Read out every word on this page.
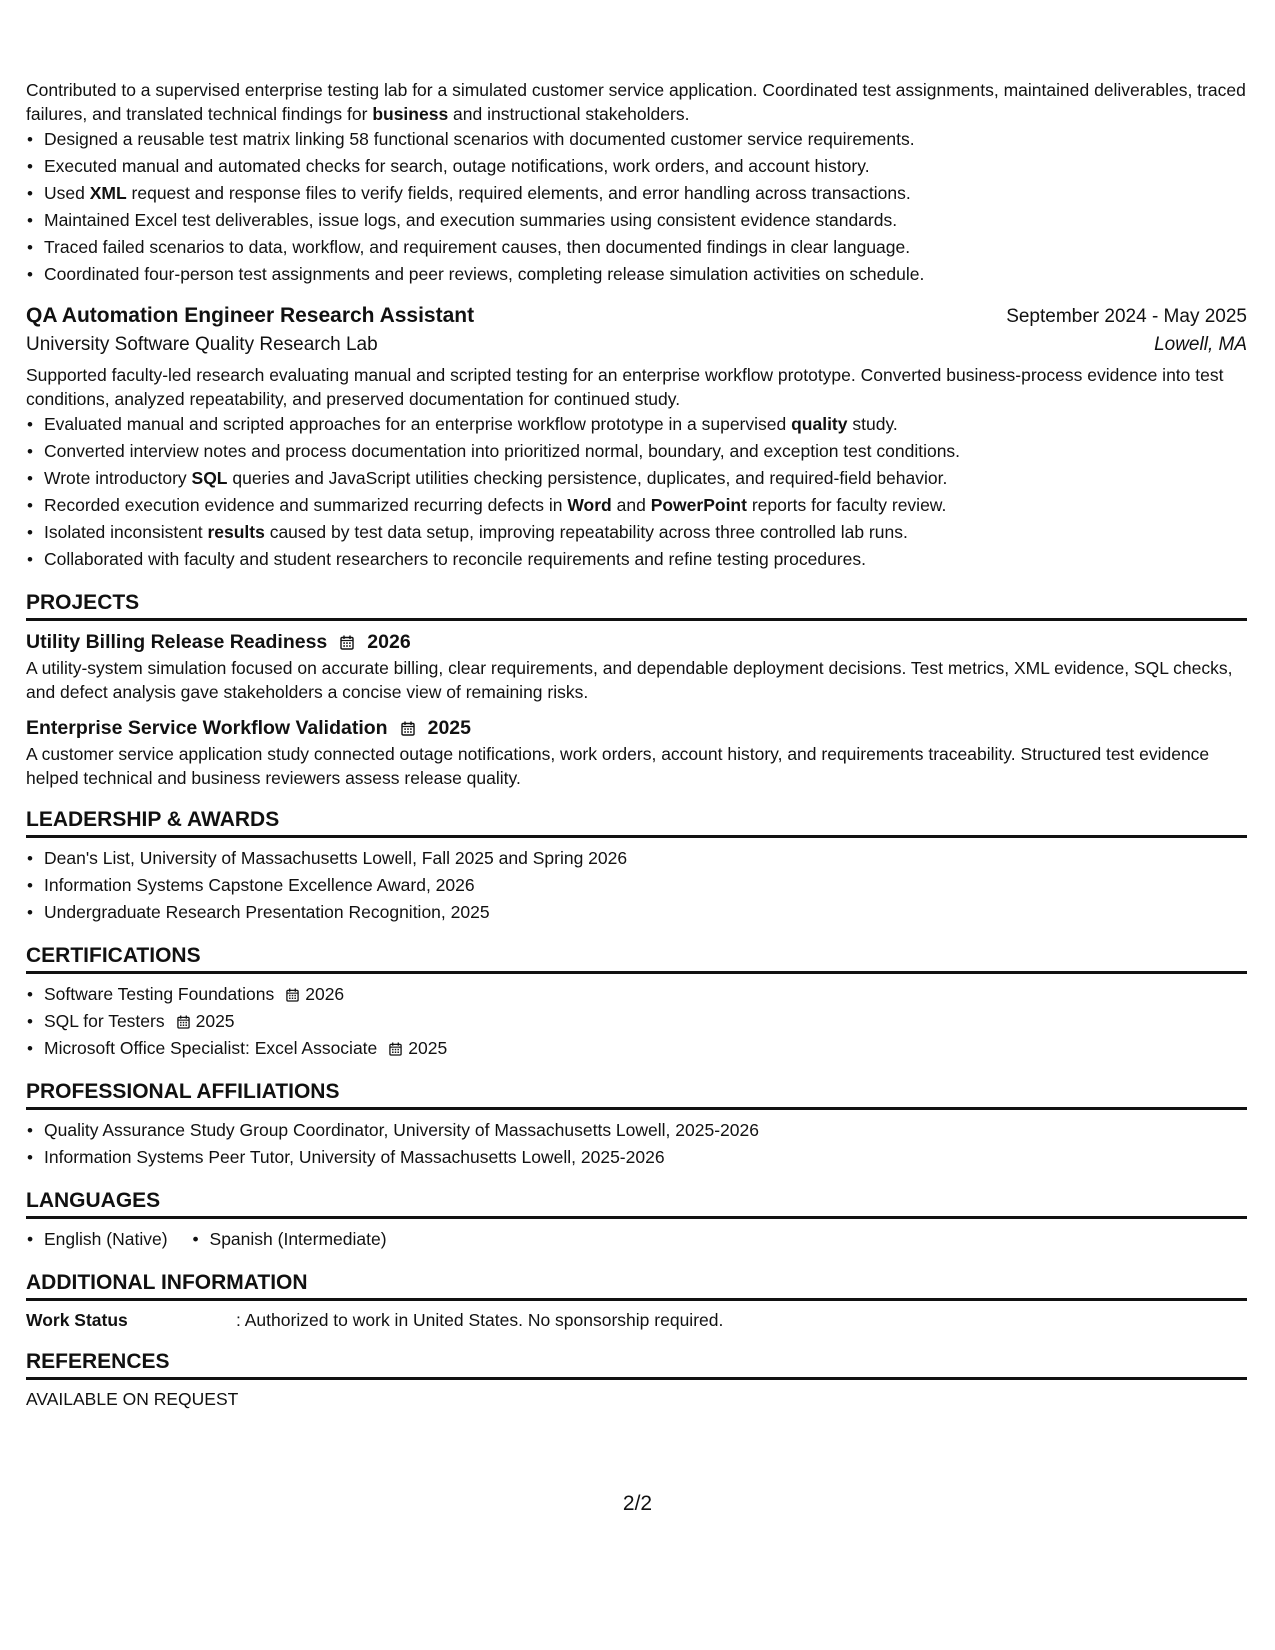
Contributed to a supervised enterprise testing lab for a simulated customer service application. Coordinated test assignments, maintained deliverables, traced failures, and translated technical findings for business and instructional stakeholders.

• Designed a reusable test matrix linking 58 functional scenarios with documented customer service requirements.
• Executed manual and automated checks for search, outage notifications, work orders, and account history.
• Used XML request and response files to verify fields, required elements, and error handling across transactions.
• Maintained Excel test deliverables, issue logs, and execution summaries using consistent evidence standards.
• Traced failed scenarios to data, workflow, and requirement causes, then documented findings in clear language.
• Coordinated four-person test assignments and peer reviews, completing release simulation activities on schedule.
QA Automation Engineer Research Assistant	September 2024 - May 2025
University Software Quality Research Lab	Lowell, MA

Supported faculty-led research evaluating manual and scripted testing for an enterprise workflow prototype. Converted business-process evidence into test conditions, analyzed repeatability, and preserved documentation for continued study.

• Evaluated manual and scripted approaches for an enterprise workflow prototype in a supervised quality study.
• Converted interview notes and process documentation into prioritized normal, boundary, and exception test conditions.
• Wrote introductory SQL queries and JavaScript utilities checking persistence, duplicates, and required-field behavior.
• Recorded execution evidence and summarized recurring defects in Word and PowerPoint reports for faculty review.
• Isolated inconsistent results caused by test data setup, improving repeatability across three controlled lab runs.
• Collaborated with faculty and student researchers to reconcile requirements and refine testing procedures.
PROJECTS
Utility Billing Release Readiness 2026

A utility-system simulation focused on accurate billing, clear requirements, and dependable deployment decisions. Test metrics, XML evidence, SQL checks, and defect analysis gave stakeholders a concise view of remaining risks.

Enterprise Service Workflow Validation 2025

A customer service application study connected outage notifications, work orders, account history, and requirements traceability. Structured test evidence helped technical and business reviewers assess release quality.

LEADERSHIP & AWARDS
• Dean's List, University of Massachusetts Lowell, Fall 2025 and Spring 2026
• Information Systems Capstone Excellence Award, 2026
• Undergraduate Research Presentation Recognition, 2025
CERTIFICATIONS
• Software Testing Foundations 2026
• SQL for Testers 2025
• Microsoft Office Specialist: Excel Associate 2025
PROFESSIONAL AFFILIATIONS
• Quality Assurance Study Group Coordinator, University of Massachusetts Lowell, 2025-2026
• Information Systems Peer Tutor, University of Massachusetts Lowell, 2025-2026
LANGUAGES
• English (Native)
•	Spanish (Intermediate)
ADDITIONAL INFORMATION
Work Status	: Authorized to work in United States. No sponsorship required.
REFERENCES

AVAILABLE ON REQUEST

2/2
